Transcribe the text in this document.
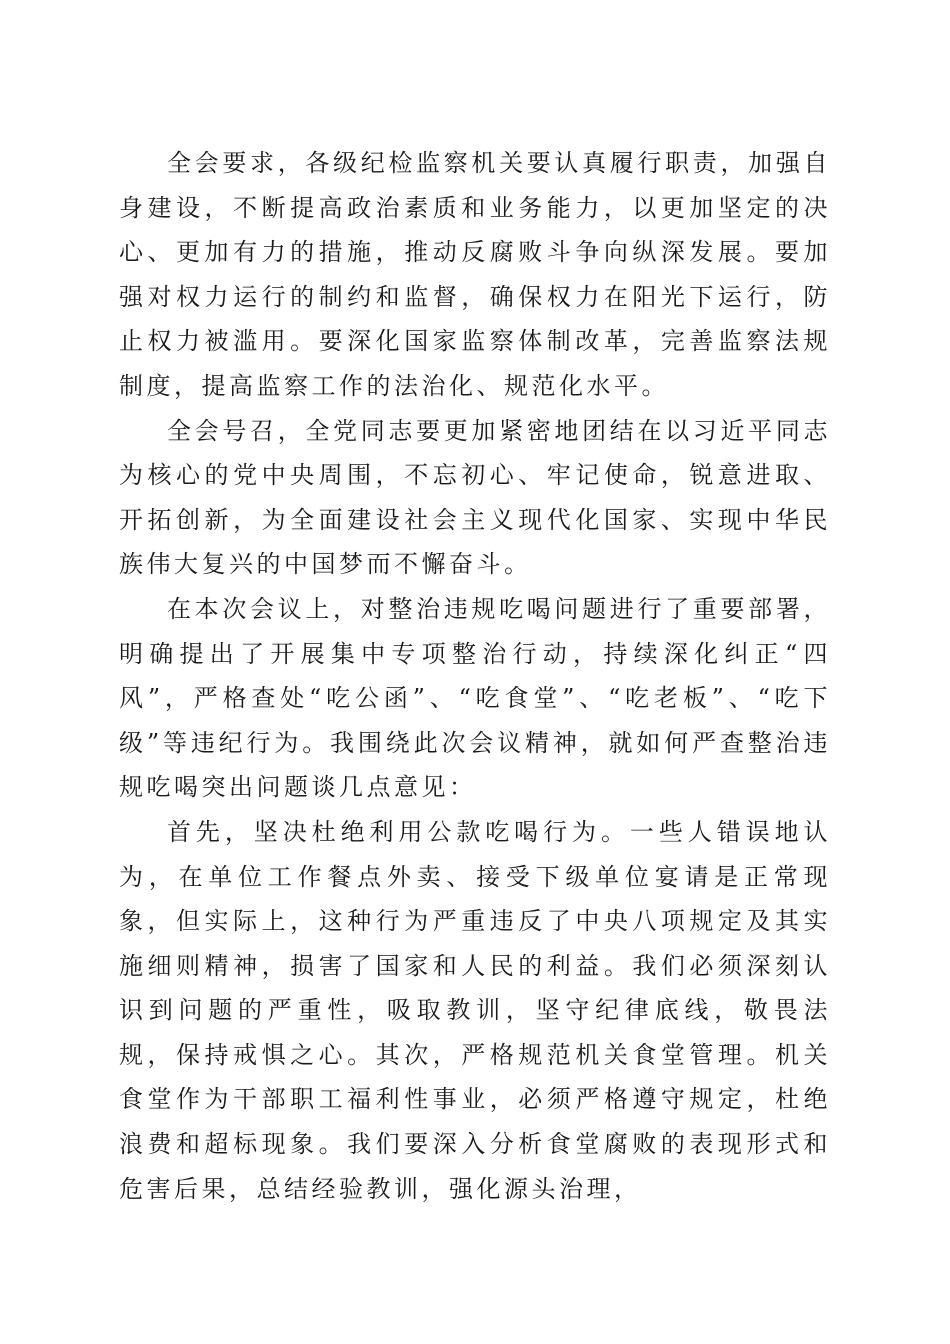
全会要求，各级纪检监察机关要认真履行职责，加强自身建设，不断提高政治素质和业务能力，以更加坚定的决心、更加有力的措施，推动反腐败斗争向纵深发展。要加强对权力运行的制约和监督，确保权力在阳光下运行，防止权力被滥用。要深化国家监察体制改革，完善监察法规制度，提高监察工作的法治化、规范化水平。

全会号召，全党同志要更加紧密地团结在以习近平同志为核心的党中央周围，不忘初心、牢记使命，锐意进取、开拓创新，为全面建设社会主义现代化国家、实现中华民族伟大复兴的中国梦而不懈奋斗。

在本次会议上，对整治违规吃喝问题进行了重要部署，明确提出了开展集中专项整治行动，持续深化纠正“四风”，严格查处“吃公函”、“吃食堂”、“吃老板”、“吃下级”等违纪行为。我围绕此次会议精神，就如何严查整治违规吃喝突出问题谈几点意见：

首先，坚决杜绝利用公款吃喝行为。一些人错误地认为，在单位工作餐点外卖、接受下级单位宴请是正常现象，但实际上，这种行为严重违反了中央八项规定及其实施细则精神，损害了国家和人民的利益。我们必须深刻认识到问题的严重性，吸取教训，坚守纪律底线，敬畏法规，保持戒惧之心。其次，严格规范机关食堂管理。机关食堂作为干部职工福利性事业，必须严格遵守规定，杜绝浪费和超标现象。我们要深入分析食堂腐败的表现形式和危害后果，总结经验教训，强化源头治理，
